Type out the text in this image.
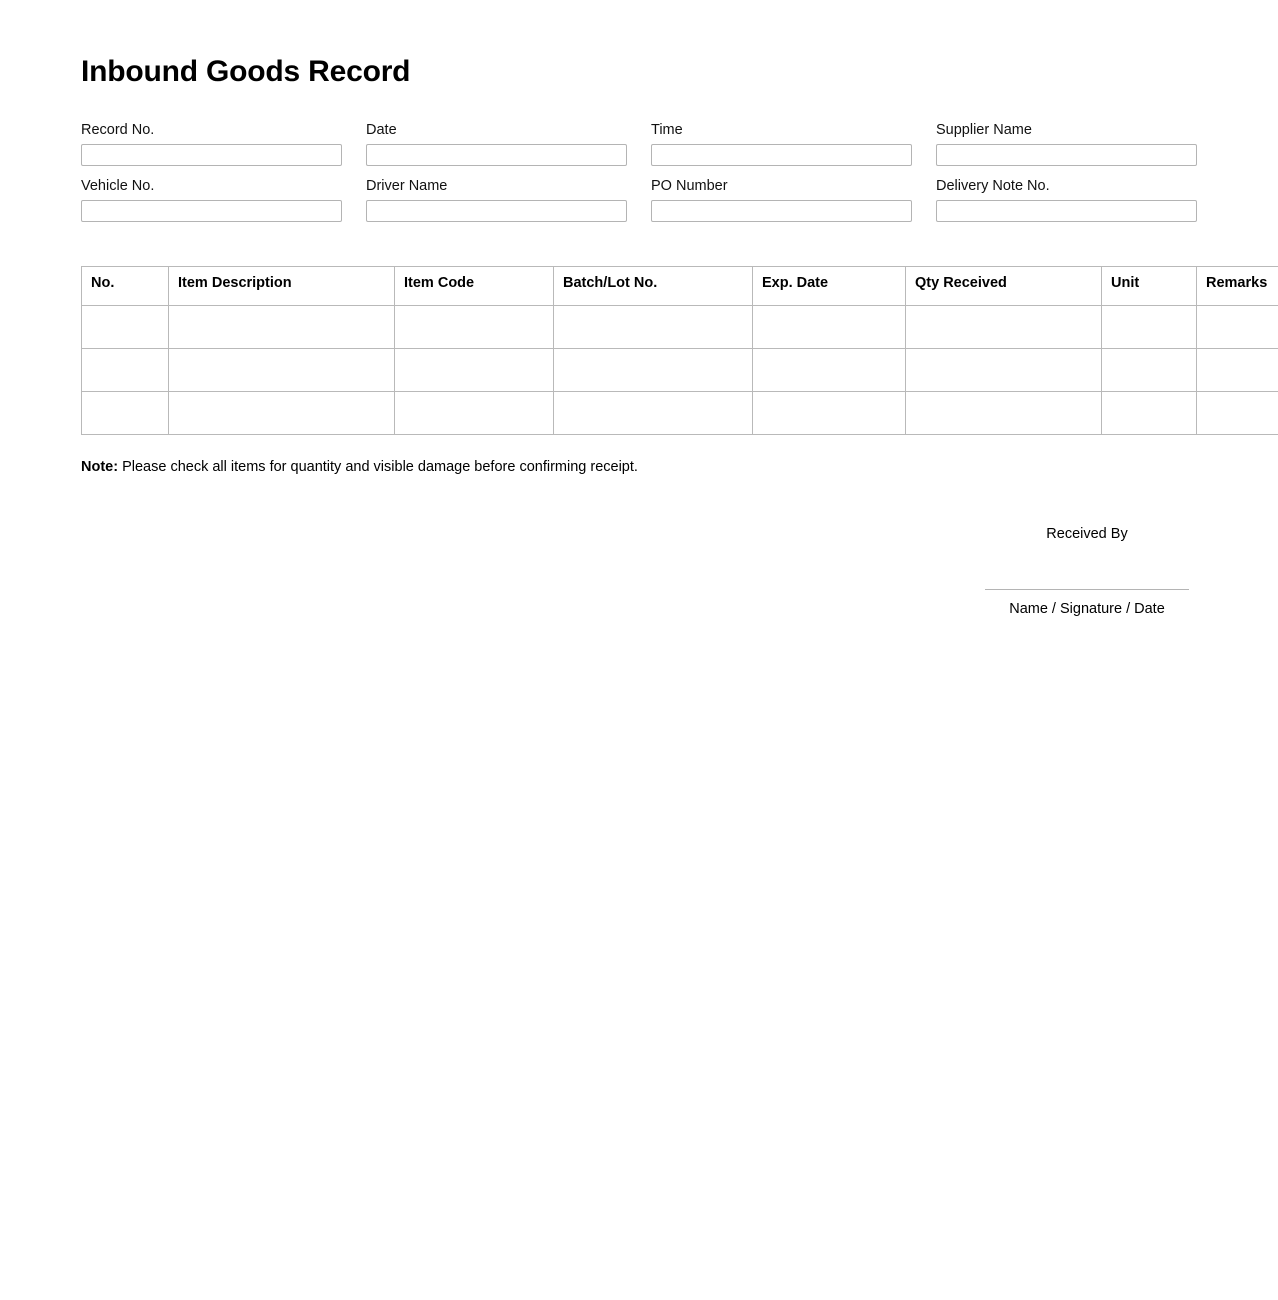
Inbound Goods Record
Record No.	Date	Time	Supplier Name
Vehicle No.	Driver Name	PO Number	Delivery Note No.
No.	Item Description	Item Code	Batch/Lot No.	Exp. Date	Qty Received	Unit	Remarks

Note: Please check all items for quantity and visible damage before confirming receipt.

Received By
Name / Signature / Date
